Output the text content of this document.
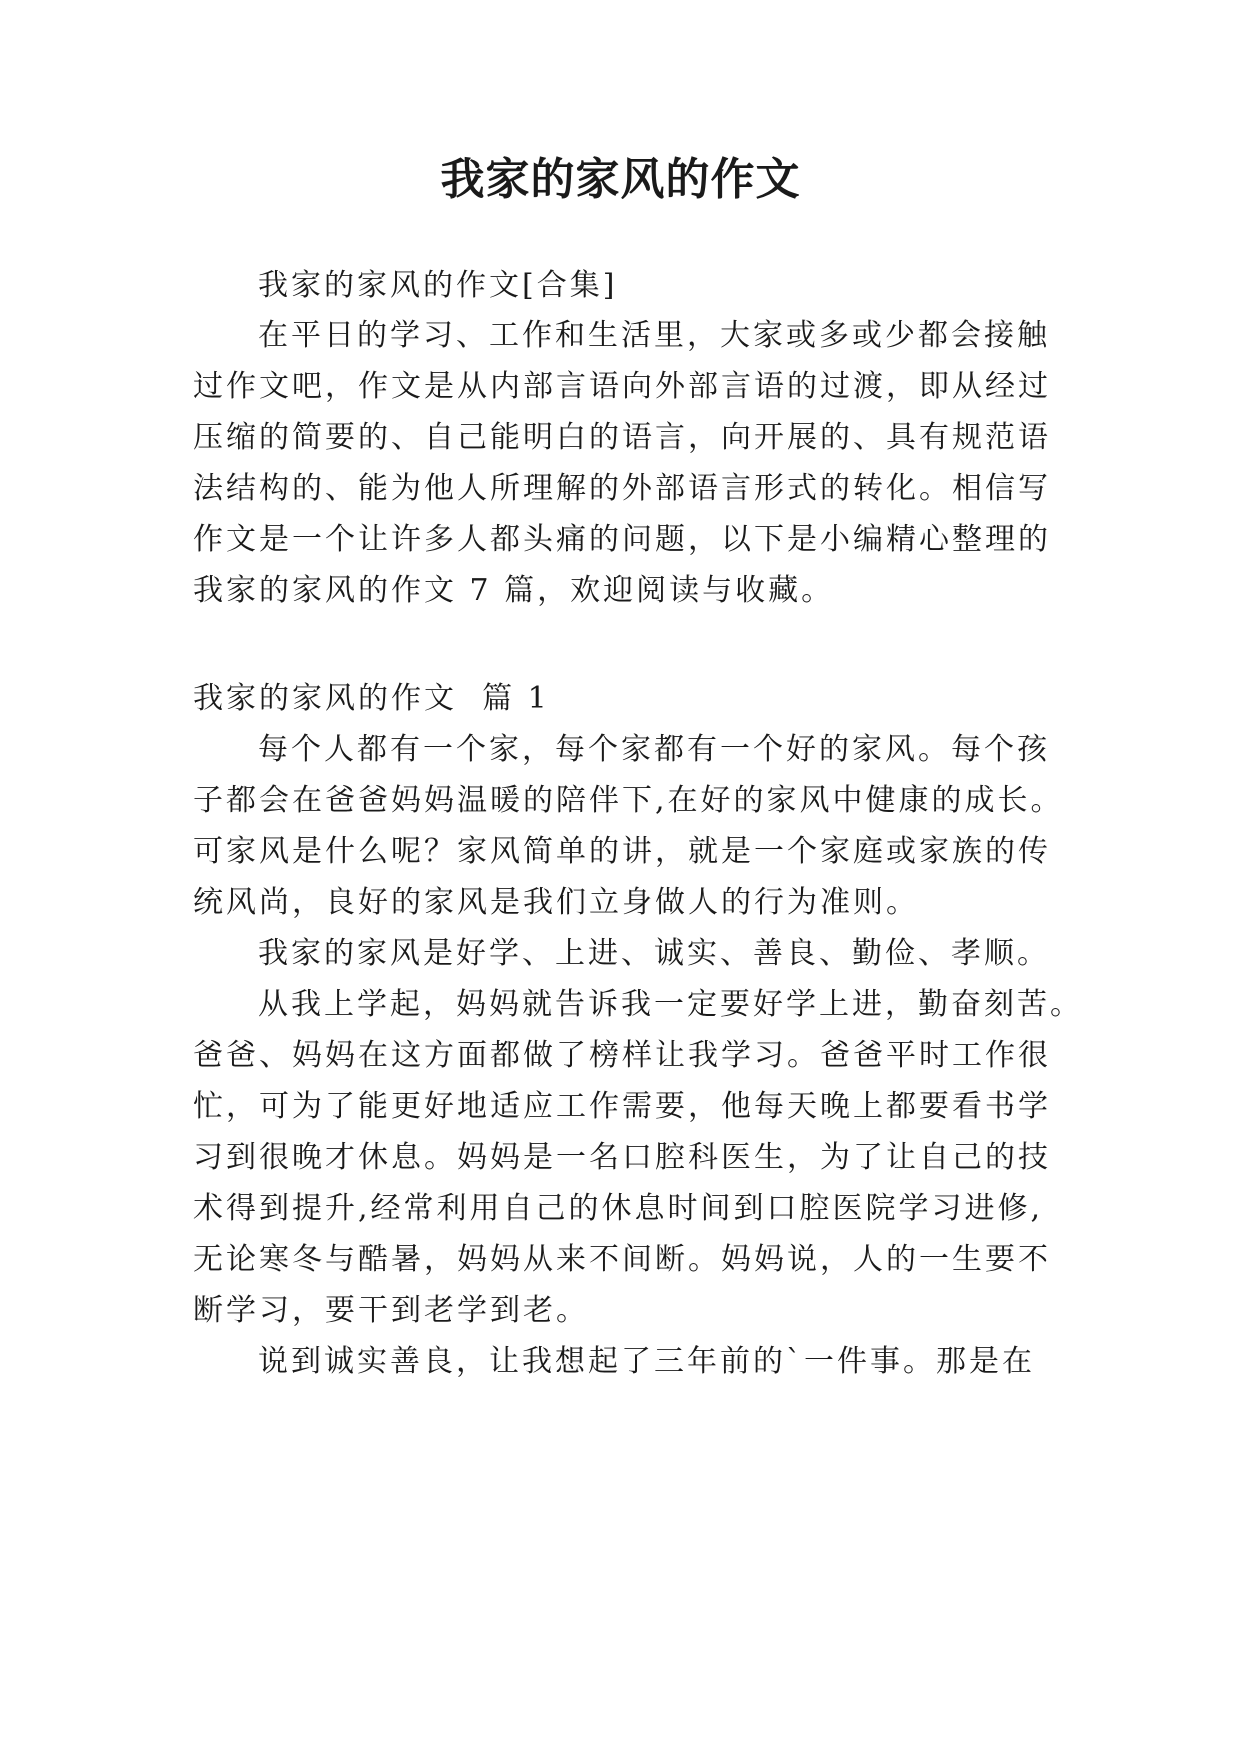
我家的家风的作文
我家的家风的作文[合集]
在平日的学习、工作和生活里，大家或多或少都会接触
过作文吧，作文是从内部言语向外部言语的过渡，即从经过
压缩的简要的、自己能明白的语言，向开展的、具有规范语
法结构的、能为他人所理解的外部语言形式的转化。相信写
作文是一个让许多人都头痛的问题，以下是小编精心整理的
我家的家风的作文 7 篇，欢迎阅读与收藏。
我家的家风的作文  篇 1
每个人都有一个家，每个家都有一个好的家风。每个孩
子都会在爸爸妈妈温暖的陪伴下,在好的家风中健康的成长。
可家风是什么呢？家风简单的讲，就是一个家庭或家族的传
统风尚，良好的家风是我们立身做人的行为准则。
我家的家风是好学、上进、诚实、善良、勤俭、孝顺。
从我上学起，妈妈就告诉我一定要好学上进，勤奋刻苦。
爸爸、妈妈在这方面都做了榜样让我学习。爸爸平时工作很
忙，可为了能更好地适应工作需要，他每天晚上都要看书学
习到很晚才休息。妈妈是一名口腔科医生，为了让自己的技
术得到提升,经常利用自己的休息时间到口腔医院学习进修,
无论寒冬与酷暑，妈妈从来不间断。妈妈说，人的一生要不
断学习，要干到老学到老。
说到诚实善良，让我想起了三年前的`一件事。那是在
